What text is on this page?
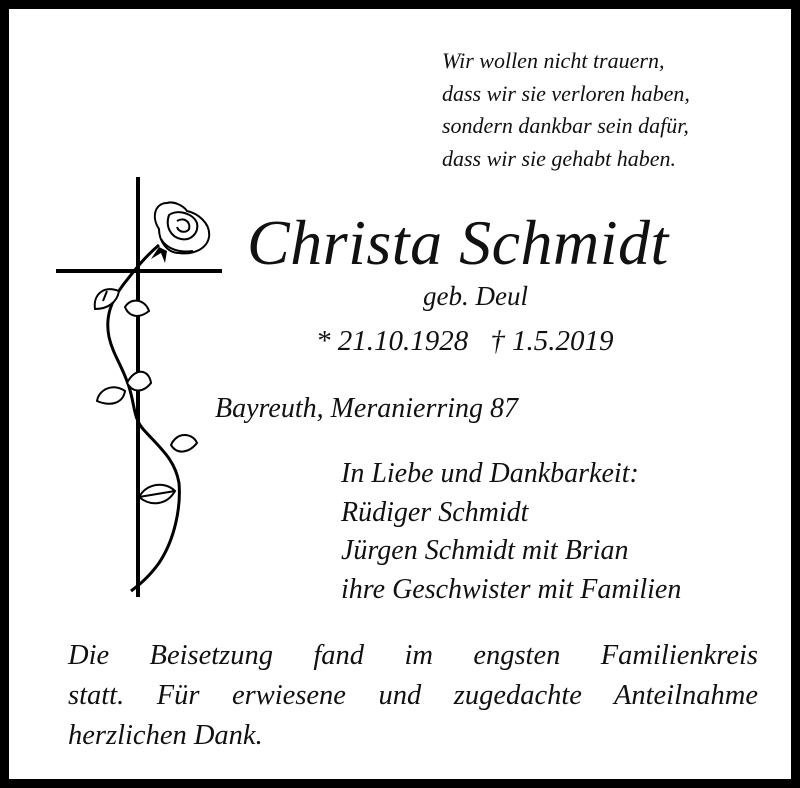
Wir wollen nicht trauern,
dass wir sie verloren haben,
sondern dankbar sein dafür,
dass wir sie gehabt haben.
Christa Schmidt
geb. Deul
* 21.10.1928 † 1.5.2019
Bayreuth, Meranierring 87
In Liebe und Dankbarkeit:
Rüdiger Schmidt
Jürgen Schmidt mit Brian
ihre Geschwister mit Familien
Die Beisetzung fand im engsten Familienkreis
statt. Für erwiesene und zugedachte Anteilnahme
herzlichen Dank.
